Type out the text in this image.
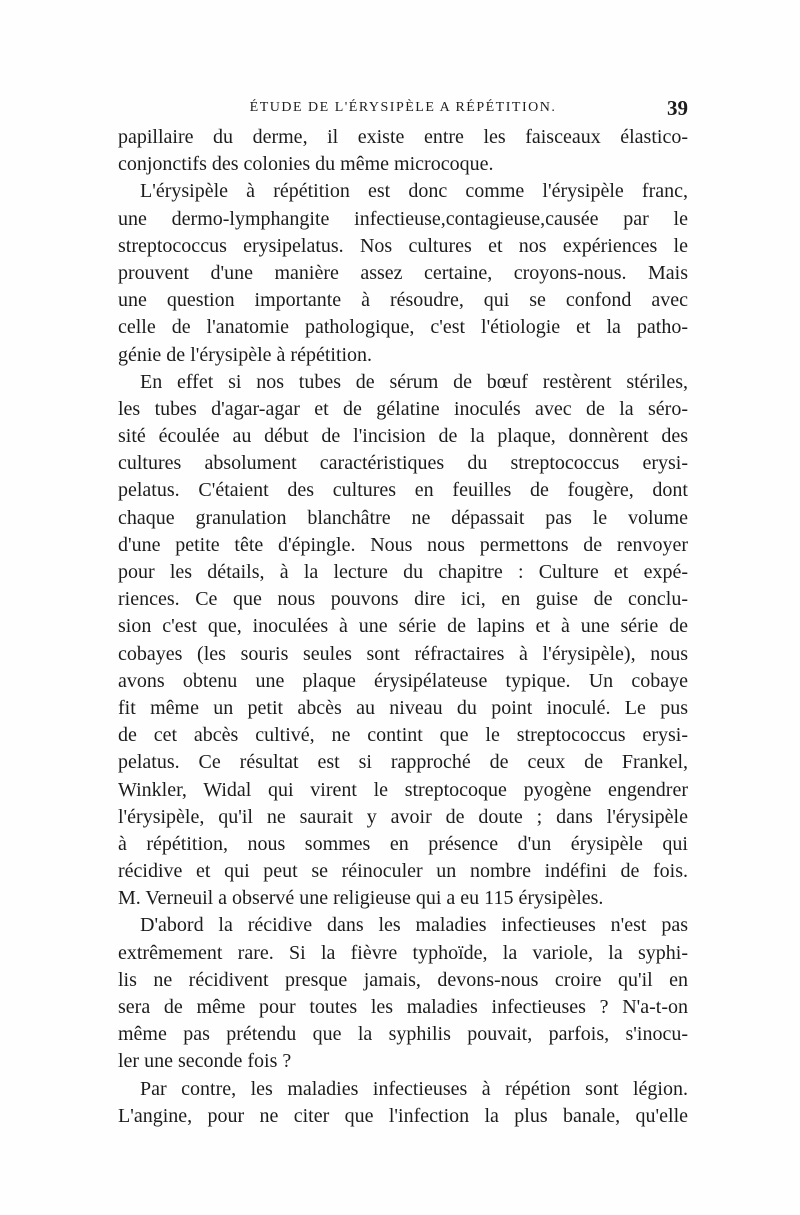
ÉTUDE DE L'ÉRYSIPÈLE A RÉPÉTITION.	39
papillaire du derme, il existe entre les faisceaux élastico-
conjonctifs des colonies du même microcoque.
L'érysipèle à répétition est donc comme l'érysipèle franc,
une dermo-lymphangite infectieuse,contagieuse,causée par le
streptococcus erysipelatus. Nos cultures et nos expériences le
prouvent d'une manière assez certaine, croyons-nous. Mais
une question importante à résoudre, qui se confond avec
celle de l'anatomie pathologique, c'est l'étiologie et la patho-
génie de l'érysipèle à répétition.
En effet si nos tubes de sérum de bœuf restèrent stériles,
les tubes d'agar-agar et de gélatine inoculés avec de la séro-
sité écoulée au début de l'incision de la plaque, donnèrent des
cultures absolument caractéristiques du streptococcus erysi-
pelatus. C'étaient des cultures en feuilles de fougère, dont
chaque granulation blanchâtre ne dépassait pas le volume
d'une petite tête d'épingle. Nous nous permettons de renvoyer
pour les détails, à la lecture du chapitre : Culture et expé-
riences. Ce que nous pouvons dire ici, en guise de conclu-
sion c'est que, inoculées à une série de lapins et à une série de
cobayes (les souris seules sont réfractaires à l'érysipèle), nous
avons obtenu une plaque érysipélateuse typique. Un cobaye
fit même un petit abcès au niveau du point inoculé. Le pus
de cet abcès cultivé, ne contint que le streptococcus erysi-
pelatus. Ce résultat est si rapproché de ceux de Frankel,
Winkler, Widal qui virent le streptocoque pyogène engendrer
l'érysipèle, qu'il ne saurait y avoir de doute ; dans l'érysipèle
à répétition, nous sommes en présence d'un érysipèle qui
récidive et qui peut se réinoculer un nombre indéfini de fois.
M. Verneuil a observé une religieuse qui a eu 115 érysipèles.
D'abord la récidive dans les maladies infectieuses n'est pas
extrêmement rare. Si la fièvre typhoïde, la variole, la syphi-
lis ne récidivent presque jamais, devons-nous croire qu'il en
sera de même pour toutes les maladies infectieuses ? N'a-t-on
même pas prétendu que la syphilis pouvait, parfois, s'inocu-
ler une seconde fois ?
Par contre, les maladies infectieuses à répétion sont légion.
L'angine, pour ne citer que l'infection la plus banale, qu'elle
